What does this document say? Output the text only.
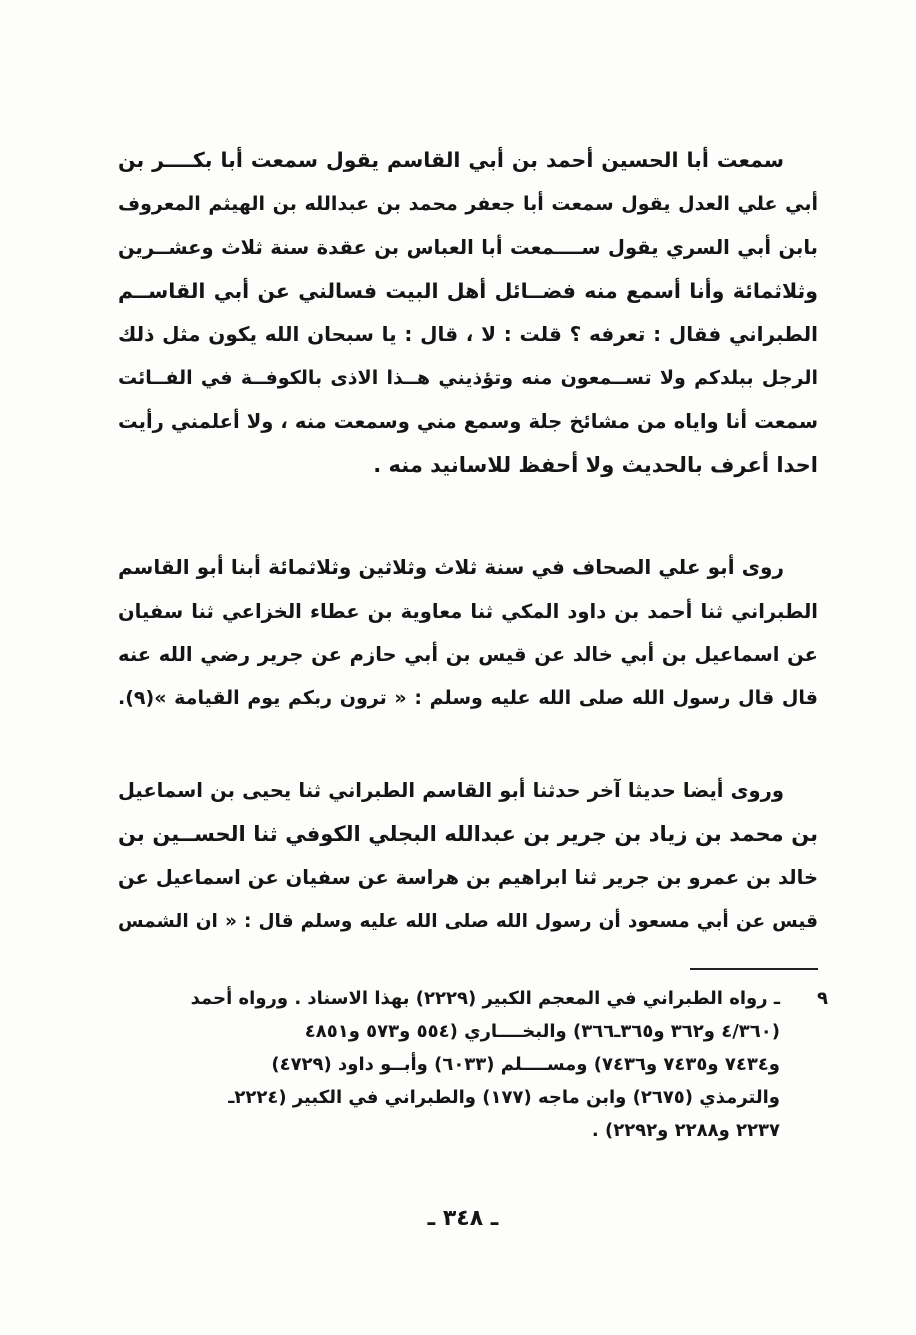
سمعت أبا الحسين أحمد بن أبي القاسم يقول سمعت أبا بكــــر بن
أبي علي العدل يقول سمعت أبا جعفر محمد بن عبدالله بن الهيثم المعروف
بابن أبي السري يقول ســــمعت أبا العباس بن عقدة سنة ثلاث وعشــرين
وثلاثمائة وأنا أسمع منه فضــائل أهل البيت فسالني عن أبي القاســم
الطبراني فقال : تعرفه ؟ قلت : لا ، قال : يا سبحان الله يكون مثل ذلك
الرجل ببلدكم ولا تســمعون منه وتؤذيني هــذا الاذى بالكوفــة في الفــائت
سمعت أنا واياه من مشائخ جلة وسمع مني وسمعت منه ، ولا أعلمني رأيت
احدا أعرف بالحديث ولا أحفظ للاسانيد منه .
روى أبو علي الصحاف في سنة ثلاث وثلاثين وثلاثمائة أبنا أبو القاسم
الطبراني ثنا أحمد بن داود المكي ثنا معاوية بن عطاء الخزاعي ثنا سفيان
عن اسماعيل بن أبي خالد عن قيس بن أبي حازم عن جرير رضي الله عنه
قال قال رسول الله صلى الله عليه وسلم : « ترون ربكم يوم القيامة »(٩).
وروى أيضا حديثا آخر حدثنا أبو القاسم الطبراني ثنا يحيى بن اسماعيل
بن محمد بن زياد بن جرير بن عبدالله البجلي الكوفي ثنا الحســين بن
خالد بن عمرو بن جرير ثنا ابراهيم بن هراسة عن سفيان عن اسماعيل عن
قيس عن أبي مسعود أن رسول الله صلى الله عليه وسلم قال : « ان الشمس
٩ـ رواه الطبراني في المعجم الكبير (٢٢٢٩) بهذا الاسناد . ورواه أحمد
(٤/٣٦٠ و٣٦٢ و٣٦٥ـ٣٦٦) والبخــــاري (٥٥٤ و٥٧٣ و٤٨٥١
و٧٤٣٤ و٧٤٣٥ و٧٤٣٦) ومســــلم (٦٠٣٣) وأبــو داود (٤٧٢٩)
والترمذي (٢٦٧٥) وابن ماجه (١٧٧) والطبراني في الكبير (٢٢٢٤ـ
٢٢٣٧ و٢٢٨٨ و٢٢٩٢) .
ـ ٣٤٨ ـ
